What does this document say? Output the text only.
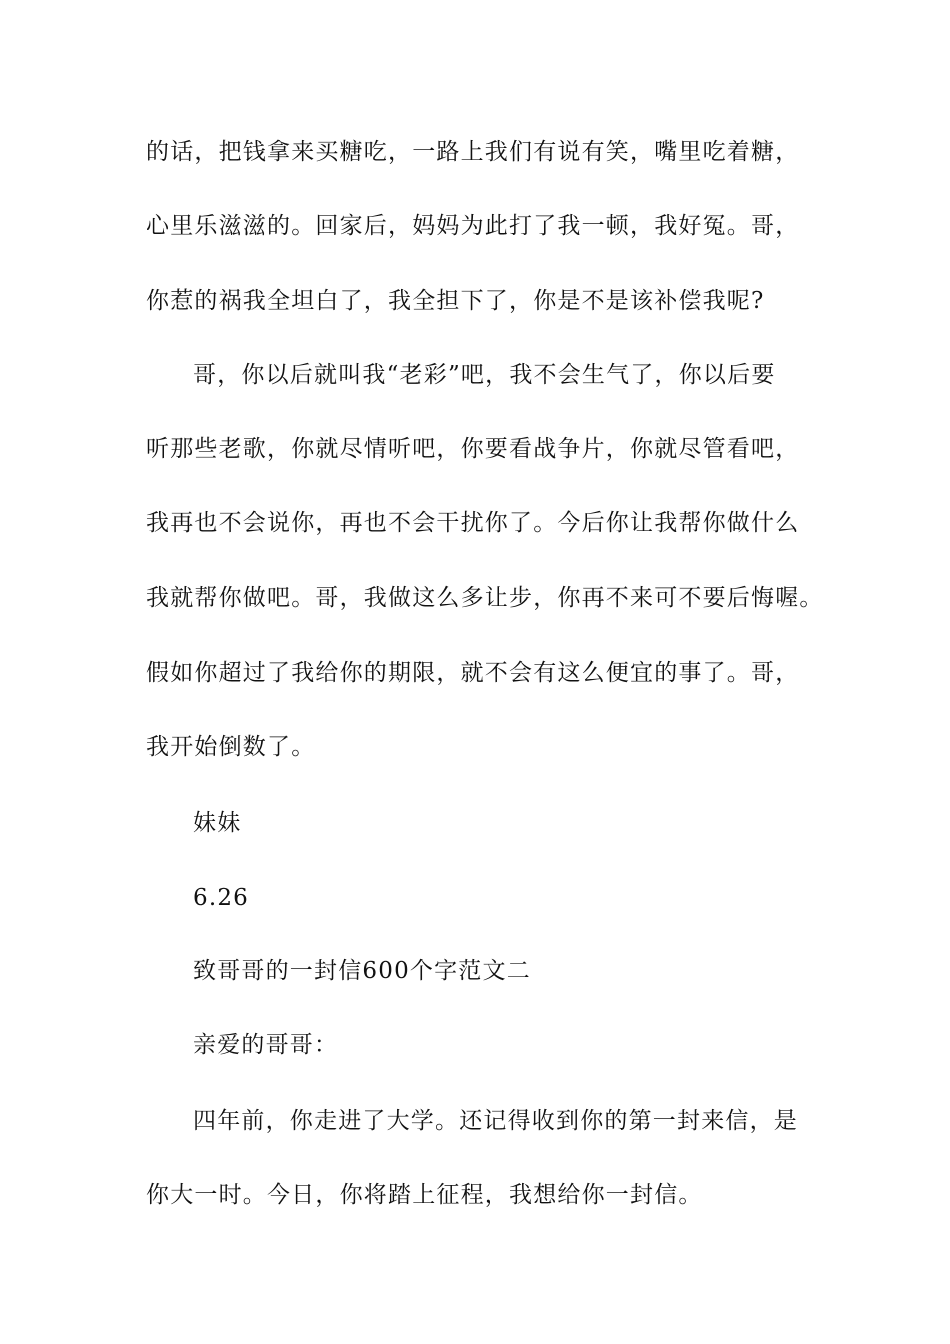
的话，把钱拿来买糖吃，一路上我们有说有笑，嘴里吃着糖，
心里乐滋滋的。回家后，妈妈为此打了我一顿，我好冤。哥，
你惹的祸我全坦白了，我全担下了，你是不是该补偿我呢?
哥，你以后就叫我“老彩”吧，我不会生气了，你以后要
听那些老歌，你就尽情听吧，你要看战争片，你就尽管看吧，
我再也不会说你，再也不会干扰你了。今后你让我帮你做什么
我就帮你做吧。哥，我做这么多让步，你再不来可不要后悔喔。
假如你超过了我给你的期限，就不会有这么便宜的事了。哥，
我开始倒数了。
妹妹
6.26
致哥哥的一封信600个字范文二
亲爱的哥哥：
四年前，你走进了大学。还记得收到你的第一封来信，是
你大一时。今日，你将踏上征程，我想给你一封信。
